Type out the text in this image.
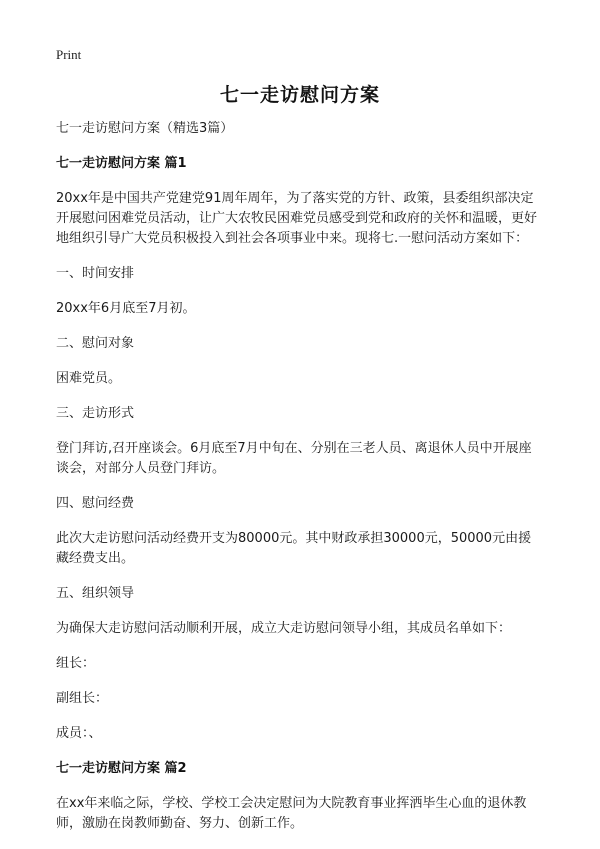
Print
七一走访慰问方案

七一走访慰问方案（精选3篇）

七一走访慰问方案 篇1

20xx年是中国共产党建党91周年周年，为了落实党的方针、政策，县委组织部决定开展慰问困难党员活动，让广大农牧民困难党员感受到党和政府的关怀和温暖，更好地组织引导广大党员积极投入到社会各项事业中来。现将七.一慰问活动方案如下：

一、时间安排

20xx年6月底至7月初。

二、慰问对象

困难党员。

三、走访形式

登门拜访,召开座谈会。6月底至7月中旬在、分别在三老人员、离退休人员中开展座谈会，对部分人员登门拜访。

四、慰问经费

此次大走访慰问活动经费开支为80000元。其中财政承担30000元，50000元由援藏经费支出。

五、组织领导

为确保大走访慰问活动顺利开展，成立大走访慰问领导小组，其成员名单如下：

组长：

副组长：

成员：、

七一走访慰问方案 篇2

在xx年来临之际，学校、学校工会决定慰问为大院教育事业挥洒毕生心血的退休教师，激励在岗教师勤奋、努力、创新工作。
